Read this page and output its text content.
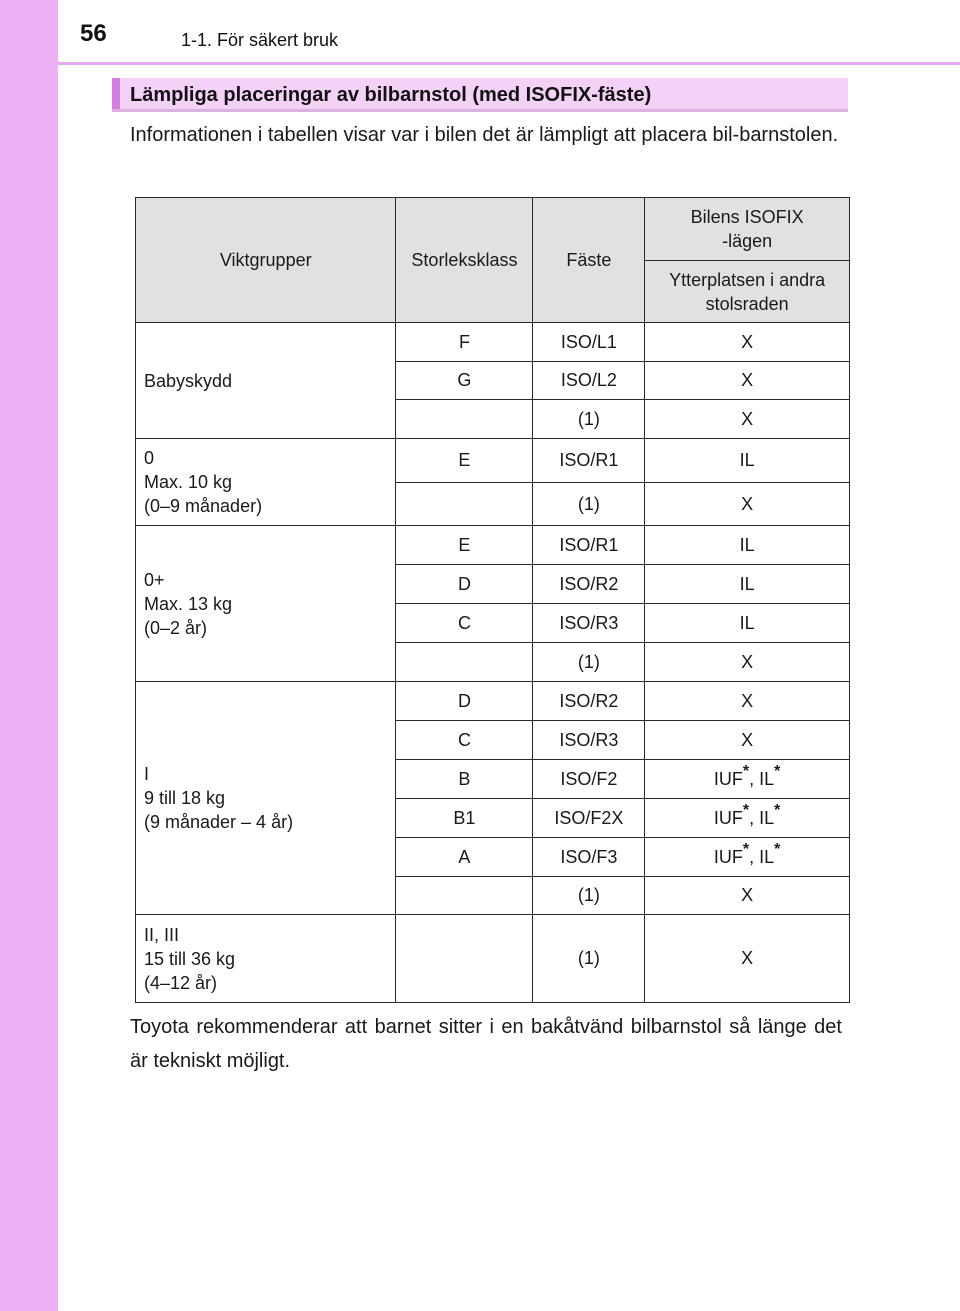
56	1-1. För säkert bruk
Lämpliga placeringar av bilbarnstol (med ISOFIX-fäste)

Informationen i tabellen visar var i bilen det är lämpligt att placera bil-barnstolen.

Viktgrupper	Storleksklass	Fäste	Bilens ISOFIX
-lägen
			Ytterplatsen i andra
stolsraden
Babyskydd	F	ISO/L1	X
	G	ISO/L2	X
		(1)	X
0
Max. 10 kg
(0–9 månader)	E	ISO/R1	IL
		(1)	X
0+
Max. 13 kg
(0–2 år)	E	ISO/R1	IL
	D	ISO/R2	IL
	C	ISO/R3	IL
		(1)	X
I
9 till 18 kg
(9 månader – 4 år)	D	ISO/R2	X
	C	ISO/R3	X
	B	ISO/F2	IUF*, IL*
	B1	ISO/F2X	IUF*, IL*
	A	ISO/F3	IUF*, IL*
		(1)	X
II, III
15 till 36 kg
(4–12 år)		(1)	X

Toyota rekommenderar att barnet sitter i en bakåtvänd bilbarnstol så länge det är tekniskt möjligt.
